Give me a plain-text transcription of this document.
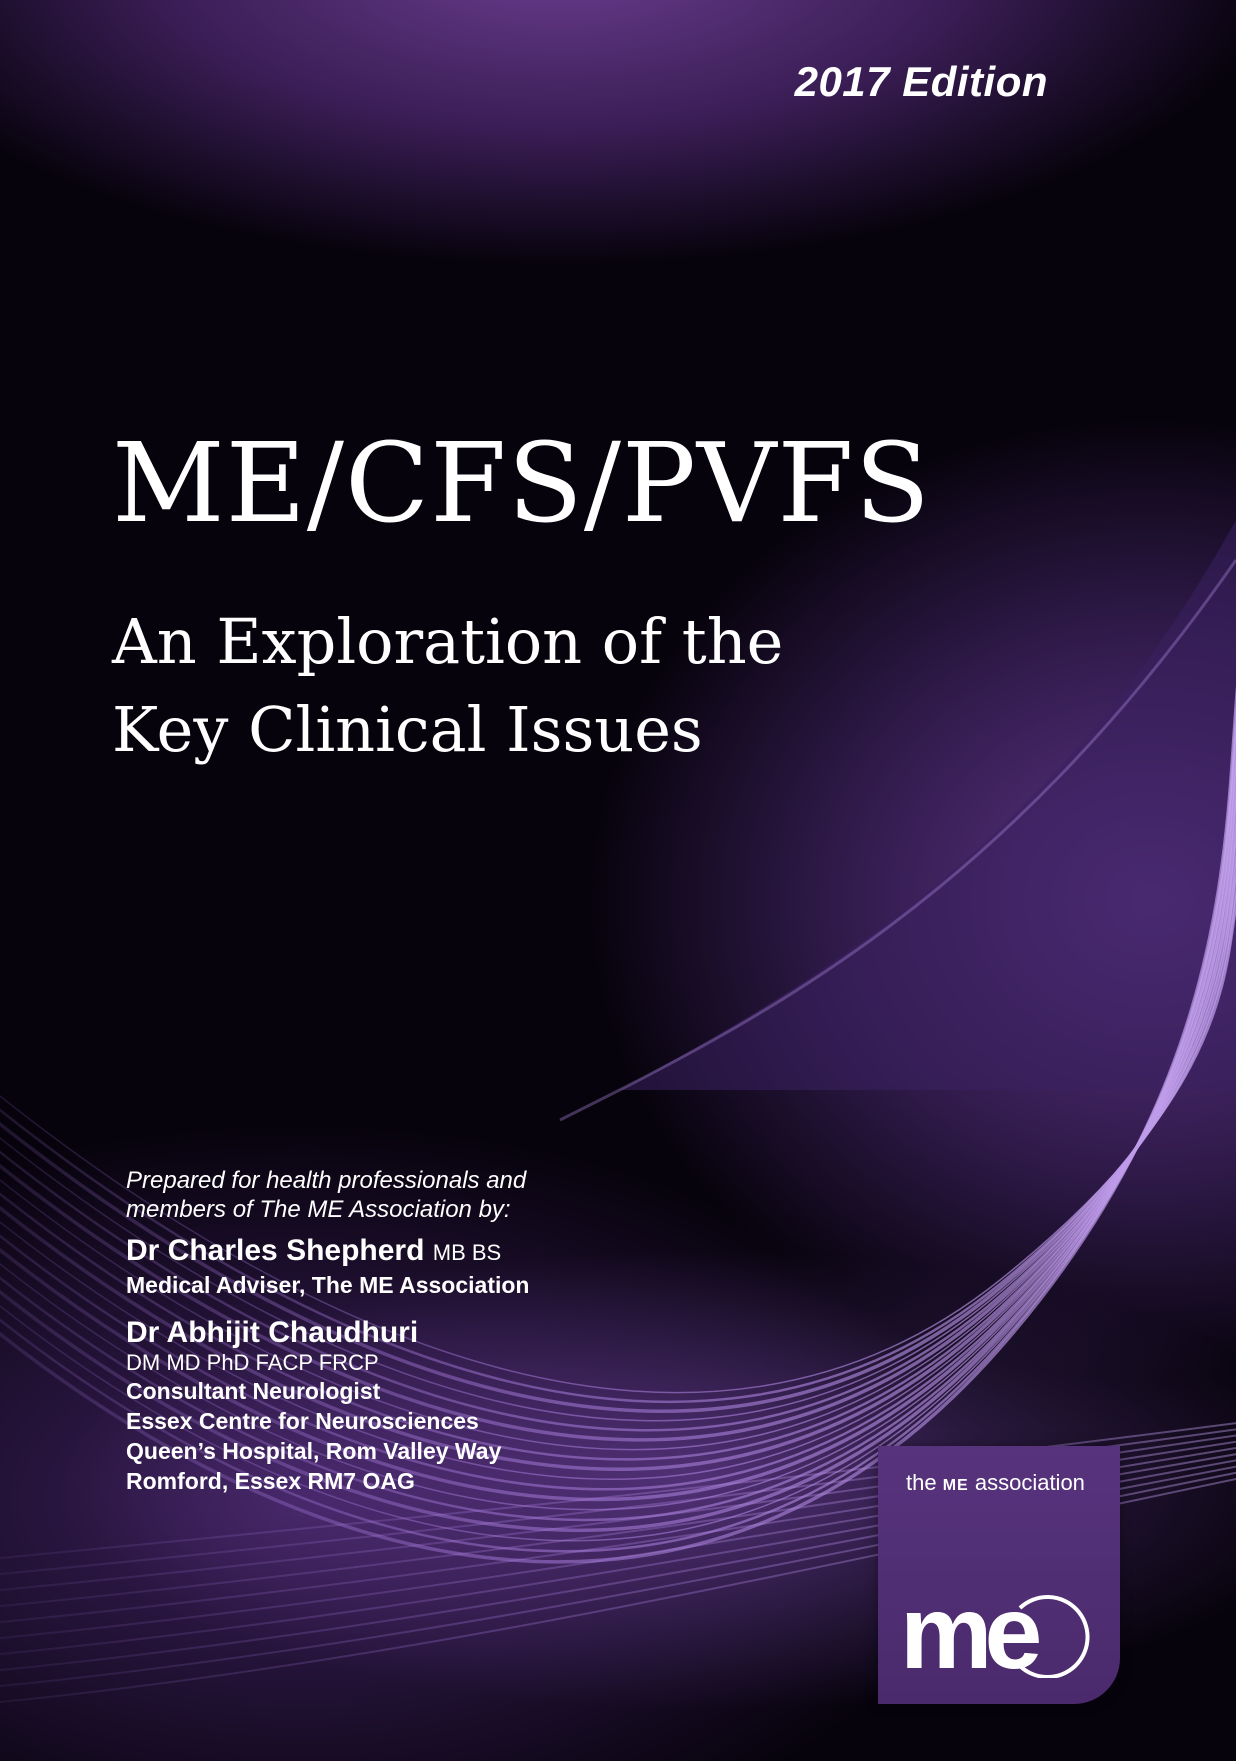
2017 Edition
ME/CFS/PVFS
An Exploration of the
Key Clinical Issues
Prepared for health professionals and
members of The ME Association by:
Dr Charles Shepherd MB BS
Medical Adviser, The ME Association
Dr Abhijit Chaudhuri
DM MD PhD FACP FRCP
Consultant Neurologist
Essex Centre for Neurosciences
Queen’s Hospital, Rom Valley Way
Romford, Essex RM7 OAG	the ME association
me
